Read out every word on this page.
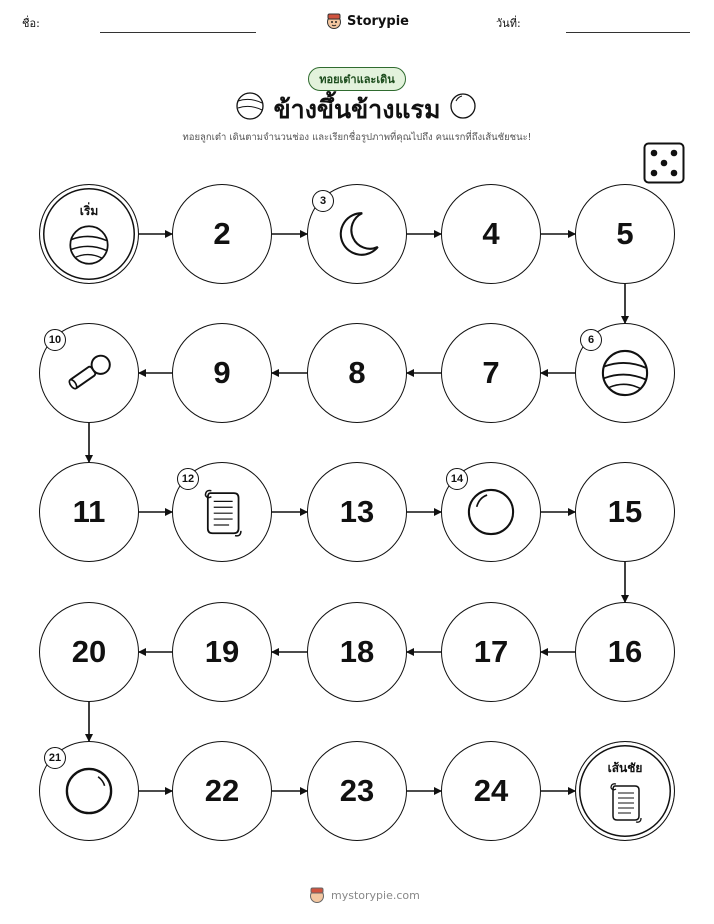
ชื่อ:	Storypie	วันที่:
ทอยเต๋าและเดิน
ข้างขึ้นข้างแรม
ทอยลูกเต๋า เดินตามจำนวนช่อง และเรียกชื่อรูปภาพที่คุณไปถึง คนแรกที่ถึงเส้นชัยชนะ!
เริ่ม
2
3
4	5
6
7
8
9
10
11
12
13
14
15
16
17
18
19
20
21
22	23	24
เส้นชัย
mystorypie.com
